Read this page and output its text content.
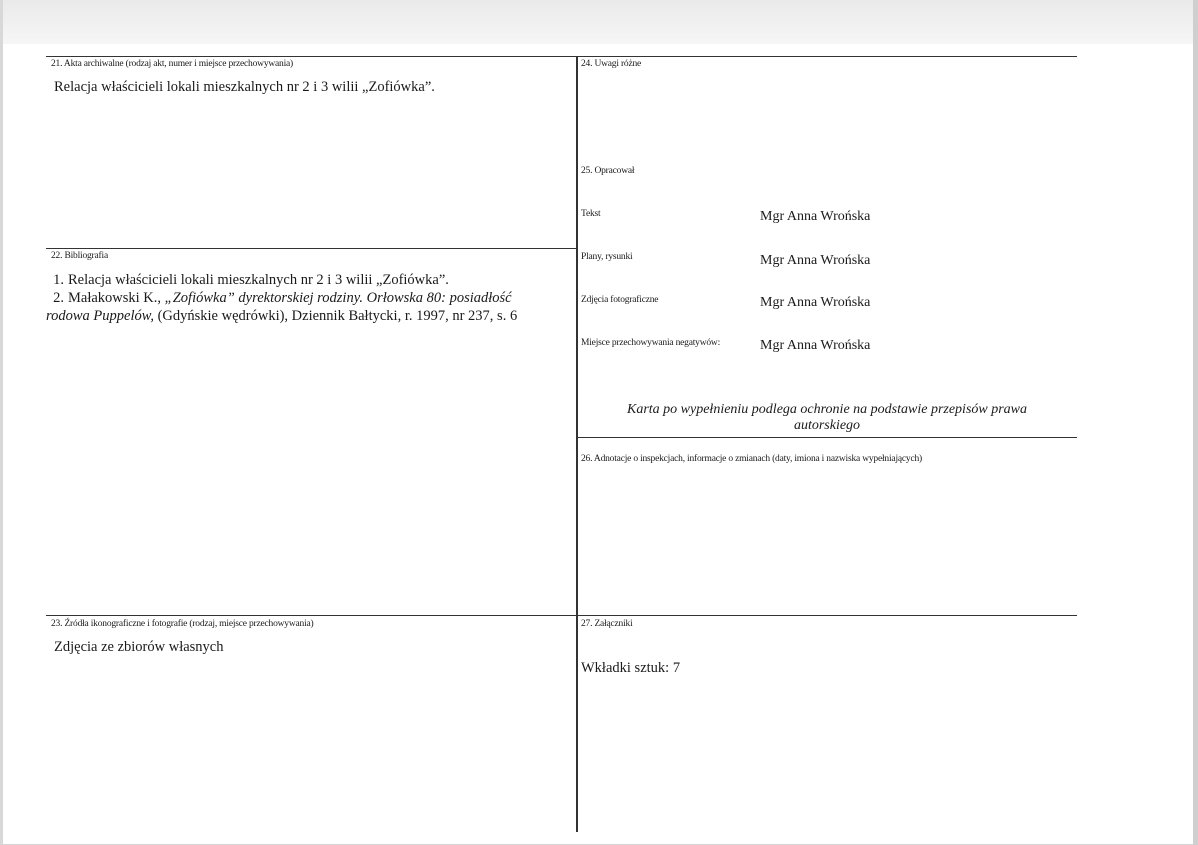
21. Akta archiwalne (rodzaj akt, numer i miejsce przechowywania)
Relacja właścicieli lokali mieszkalnych nr 2 i 3 wilii „Zofiówka”.
22. Bibliografia
1. Relacja właścicieli lokali mieszkalnych nr 2 i 3 wilii „Zofiówka”.
2. Małakowski K., „Zofiówka” dyrektorskiej rodziny. Orłowska 80: posiadłość
rodowa Puppelów, (Gdyńskie wędrówki), Dziennik Bałtycki, r. 1997, nr 237, s. 6
23. Źródła ikonograficzne i fotografie (rodzaj, miejsce przechowywania)
Zdjęcia ze zbiorów własnych
24. Uwagi różne
25. Opracował
Tekst	Mgr Anna Wrońska
Plany, rysunki	Mgr Anna Wrońska
Zdjęcia fotograficzne	Mgr Anna Wrońska
Miejsce przechowywania negatywów:	Mgr Anna Wrońska
Karta po wypełnieniu podlega ochronie na podstawie przepisów prawa
autorskiego
26. Adnotacje o inspekcjach, informacje o zmianach (daty, imiona i nazwiska wypełniających)
27. Załączniki
Wkładki sztuk: 7
